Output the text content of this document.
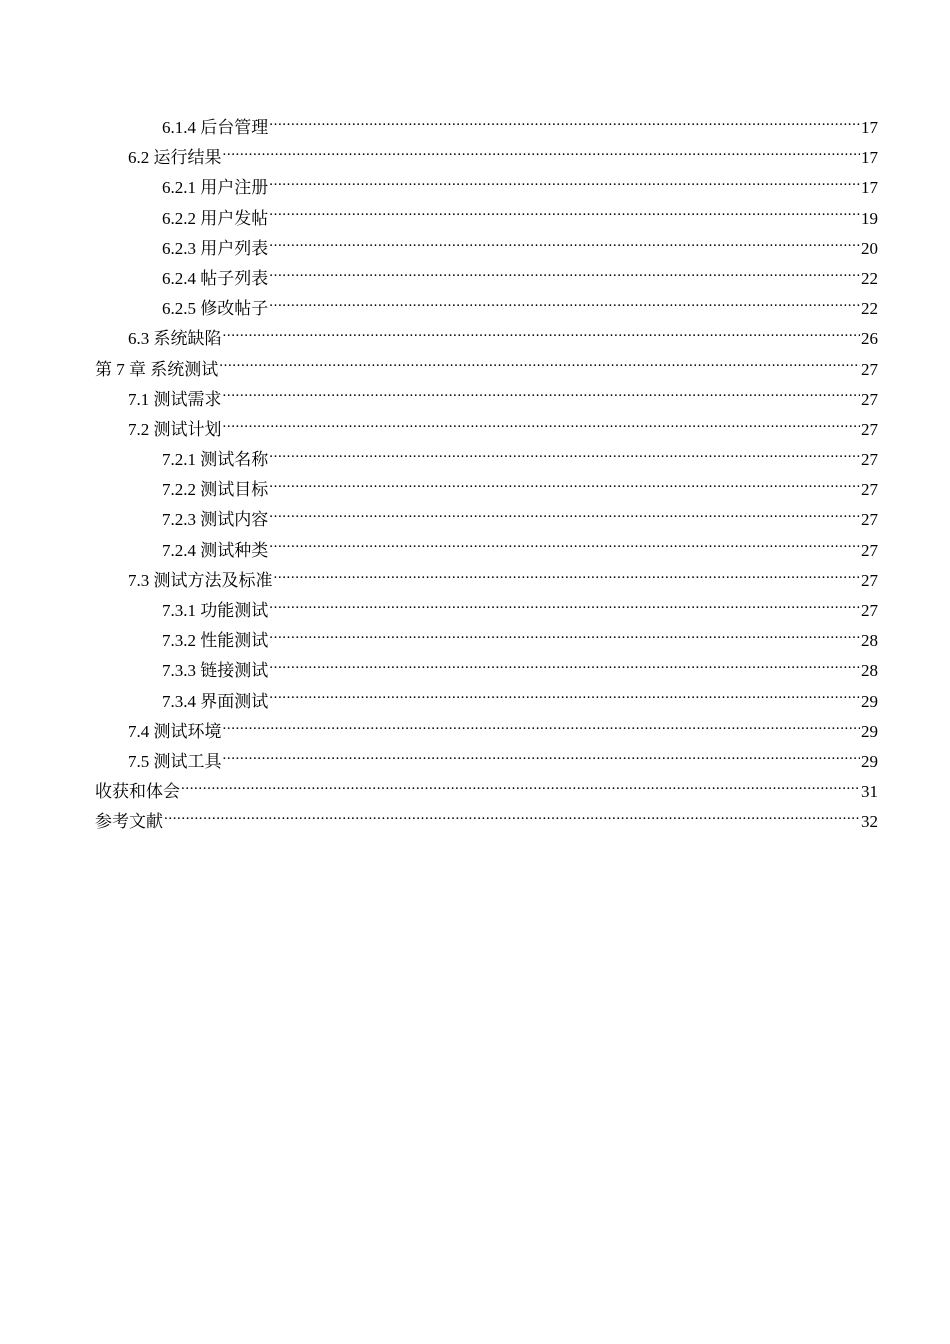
6.1.4 后台管理 .....	17
6.2 运行结果 .....	17
6.2.1 用户注册 .....	17
6.2.2 用户发帖 .....	19
6.2.3 用户列表 .....	20
6.2.4 帖子列表 .....	22
6.2.5 修改帖子 .....	22
6.3 系统缺陷 .....	26
第 7 章 系统测试 .....	27
7.1 测试需求 .....	27
7.2 测试计划 .....	27
7.2.1 测试名称 .....	27
7.2.2 测试目标 .....	27
7.2.3 测试内容 .....	27
7.2.4 测试种类 .....	27
7.3 测试方法及标准 .....	27
7.3.1 功能测试 .....	27
7.3.2 性能测试 .....	28
7.3.3 链接测试 .....	28
7.3.4 界面测试 .....	29
7.4 测试环境 .....	29
7.5 测试工具 .....	29
收获和体会 .....	31
参考文献 .....	32
